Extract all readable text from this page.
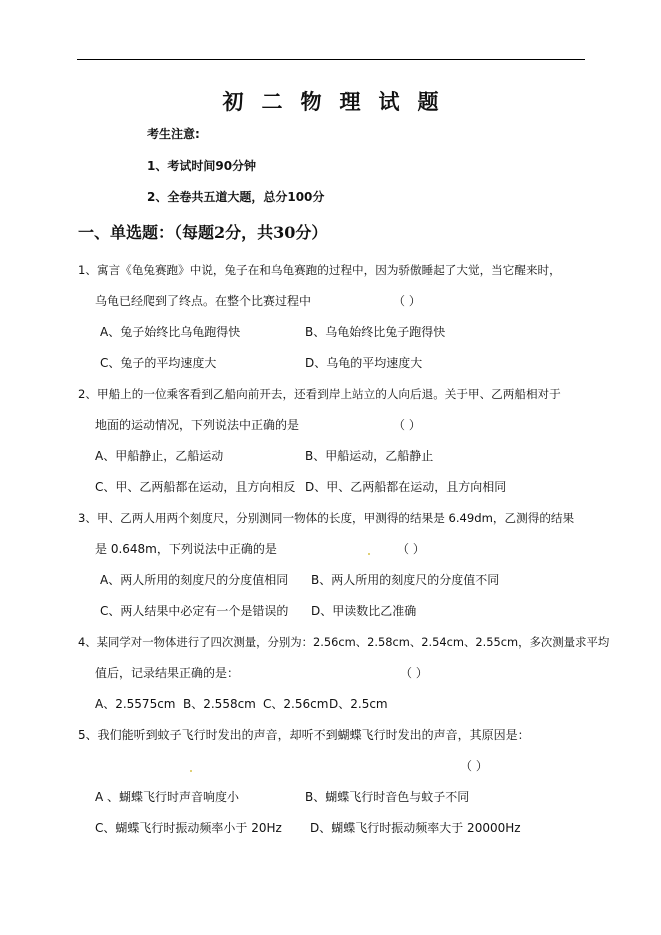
初二物理试题
考生注意:
1、考试时间90分钟
2、全卷共五道大题，总分100分
一、单选题：（每题2分，共30分）
1、寓言《龟兔赛跑》中说，兔子在和乌龟赛跑的过程中，因为骄傲睡起了大觉，当它醒来时，
乌龟已经爬到了终点。在整个比赛过程中	（ ）
A、兔子始终比乌龟跑得快	B、乌龟始终比兔子跑得快
C、兔子的平均速度大	D、乌龟的平均速度大
2、甲船上的一位乘客看到乙船向前开去，还看到岸上站立的人向后退。关于甲、乙两船相对于
地面的运动情况，下列说法中正确的是	（ ）
A、甲船静止，乙船运动	B、甲船运动，乙船静止
C、甲、乙两船都在运动，且方向相反 D、甲、乙两船都在运动，且方向相同
3、甲、乙两人用两个刻度尺，分别测同一物体的长度，甲测得的结果是 6.49dm，乙测得的结果
是 0.648m，下列说法中正确的是	（ ）
A、两人所用的刻度尺的分度值相同 B、两人所用的刻度尺的分度值不同
C、两人结果中必定有一个是错误的 D、甲读数比乙准确
4、某同学对一物体进行了四次测量，分别为：2.56cm、2.58cm、2.54cm、2.55cm，多次测量求平均
值后，记录结果正确的是：	（ ）
A、2.5575cm B、2.558cm C、2.56cm D、2.5cm
5、我们能听到蚊子飞行时发出的声音，却听不到蝴蝶飞行时发出的声音，其原因是：
（ ）
A 、蝴蝶飞行时声音响度小	B、蝴蝶飞行时音色与蚊子不同
C、蝴蝶飞行时振动频率小于 20Hz D、蝴蝶飞行时振动频率大于 20000Hz
